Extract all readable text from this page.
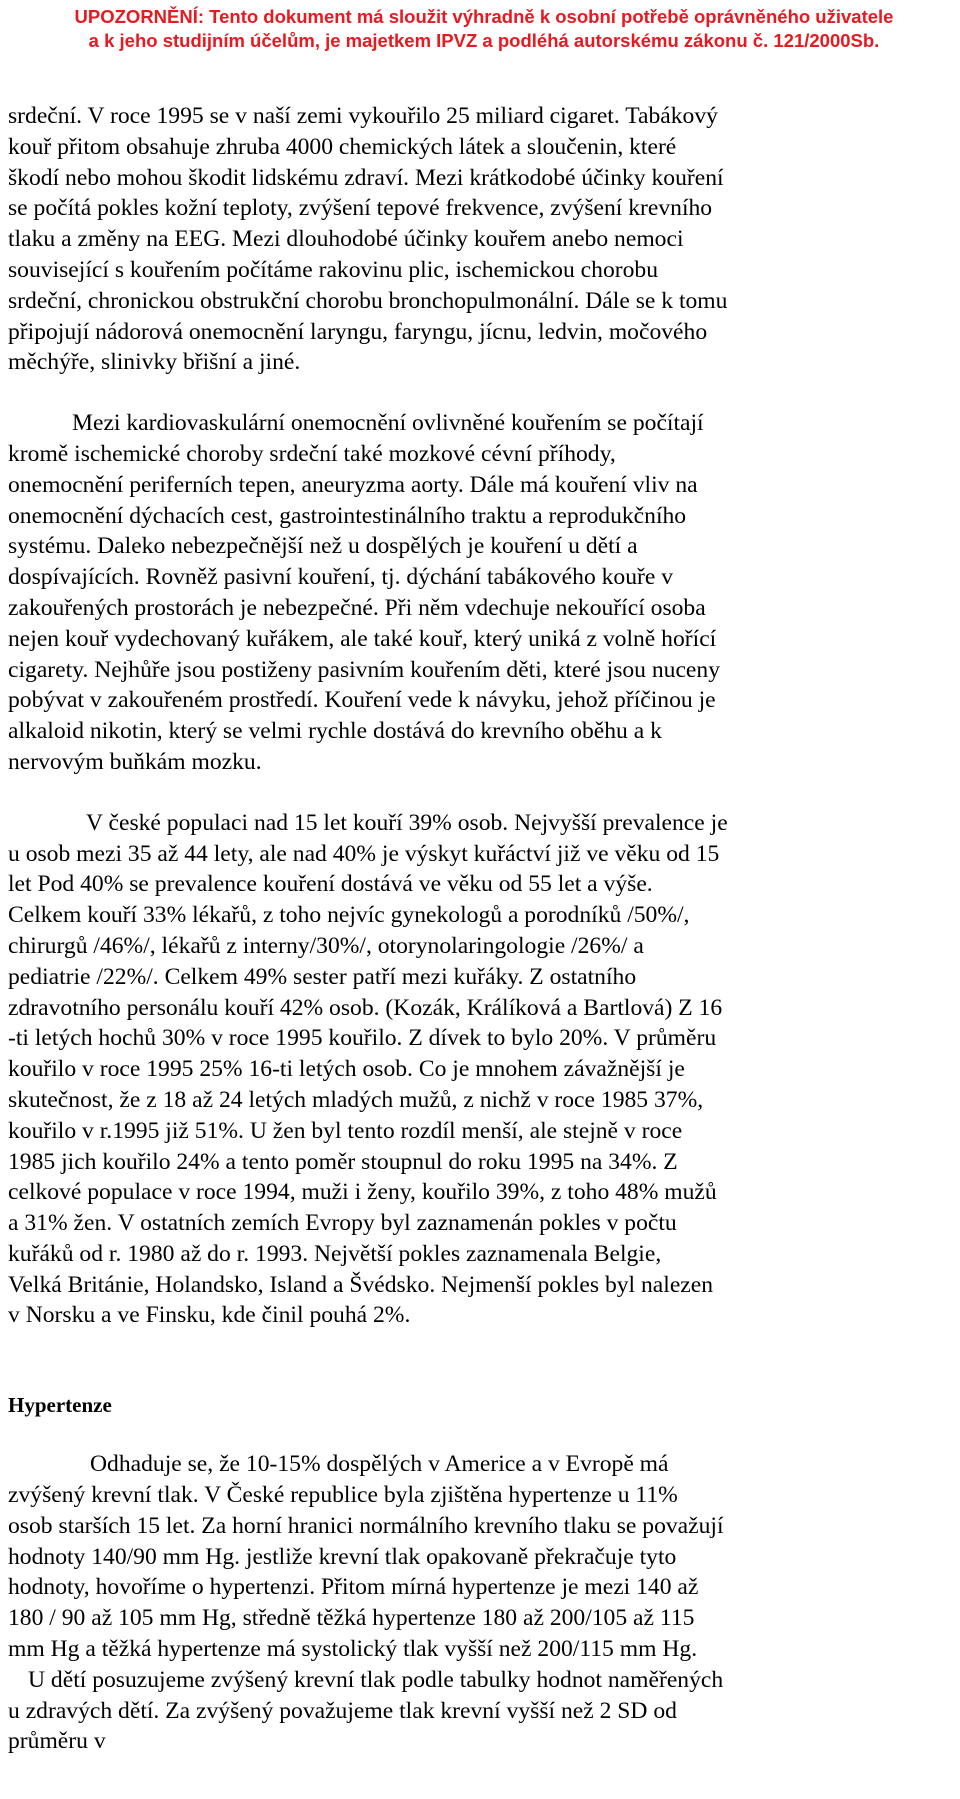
UPOZORNĚNÍ: Tento dokument má sloužit výhradně k osobní potřebě oprávněného uživatele
a k jeho studijním účelům, je majetkem IPVZ a podléhá autorskému zákonu č. 121/2000Sb.

srdeční. V roce 1995 se v naší zemi vykouřilo 25 miliard cigaret. Tabákový
kouř přitom obsahuje zhruba 4000 chemických látek a sloučenin, které
škodí nebo mohou škodit lidskému zdraví. Mezi krátkodobé účinky kouření
se počítá pokles kožní teploty, zvýšení tepové frekvence, zvýšení krevního
tlaku a změny na EEG. Mezi dlouhodobé účinky kouřem anebo nemoci
související s kouřením počítáme rakovinu plic, ischemickou chorobu
srdeční, chronickou obstrukční chorobu bronchopulmonální. Dále se k tomu
připojují nádorová onemocnění laryngu, faryngu, jícnu, ledvin, močového
měchýře, slinivky břišní a jiné.

Mezi kardiovaskulární onemocnění ovlivněné kouřením se počítají
kromě ischemické choroby srdeční také mozkové cévní příhody,
onemocnění periferních tepen, aneuryzma aorty. Dále má kouření vliv na
onemocnění dýchacích cest, gastrointestinálního traktu a reprodukčního
systému. Daleko nebezpečnější než u dospělých je kouření u dětí a
dospívajících. Rovněž pasivní kouření, tj. dýchání tabákového kouře v
zakouřených prostorách je nebezpečné. Při něm vdechuje nekouřící osoba
nejen kouř vydechovaný kuřákem, ale také kouř, který uniká z volně hořící
cigarety. Nejhůře jsou postiženy pasivním kouřením děti, které jsou nuceny
pobývat v zakouřeném prostředí. Kouření vede k návyku, jehož příčinou je
alkaloid nikotin, který se velmi rychle dostává do krevního oběhu a k
nervovým buňkám mozku.

V české populaci nad 15 let kouří 39% osob. Nejvyšší prevalence je
u osob mezi 35 až 44 lety, ale nad 40% je výskyt kuřáctví již ve věku od 15
let Pod 40% se prevalence kouření dostává ve věku od 55 let a výše.
Celkem kouří 33% lékařů, z toho nejvíc gynekologů a porodníků /50%/,
chirurgů /46%/, lékařů z interny/30%/, otorynolaringologie /26%/ a
pediatrie /22%/. Celkem 49% sester patří mezi kuřáky. Z ostatního
zdravotního personálu kouří 42% osob. (Kozák, Králíková a Bartlová) Z 16
-ti letých hochů 30% v roce 1995 kouřilo. Z dívek to bylo 20%. V průměru
kouřilo v roce 1995 25% 16-ti letých osob. Co je mnohem závažnější je
skutečnost, že z 18 až 24 letých mladých mužů, z nichž v roce 1985 37%,
kouřilo v r.1995 již 51%. U žen byl tento rozdíl menší, ale stejně v roce
1985 jich kouřilo 24% a tento poměr stoupnul do roku 1995 na 34%. Z
celkové populace v roce 1994, muži i ženy, kouřilo 39%, z toho 48% mužů
a 31% žen. V ostatních zemích Evropy byl zaznamenán pokles v počtu
kuřáků od r. 1980 až do r. 1993. Největší pokles zaznamenala Belgie,
Velká Británie, Holandsko, Island a Švédsko. Nejmenší pokles byl nalezen
v Norsku a ve Finsku, kde činil pouhá 2%.

Hypertenze

Odhaduje se, že 10-15% dospělých v Americe a v Evropě má
zvýšený krevní tlak. V České republice byla zjištěna hypertenze u 11%
osob starších 15 let. Za horní hranici normálního krevního tlaku se považují
hodnoty 140/90 mm Hg. jestliže krevní tlak opakovaně překračuje tyto
hodnoty, hovoříme o hypertenzi. Přitom mírná hypertenze je mezi 140 až
180 / 90 až 105 mm Hg, středně těžká hypertenze 180 až 200/105 až 115
mm Hg a těžká hypertenze má systolický tlak vyšší než 200/115 mm Hg.
U dětí posuzujeme zvýšený krevní tlak podle tabulky hodnot naměřených
u zdravých dětí. Za zvýšený považujeme tlak krevní vyšší než 2 SD od
průměru v
